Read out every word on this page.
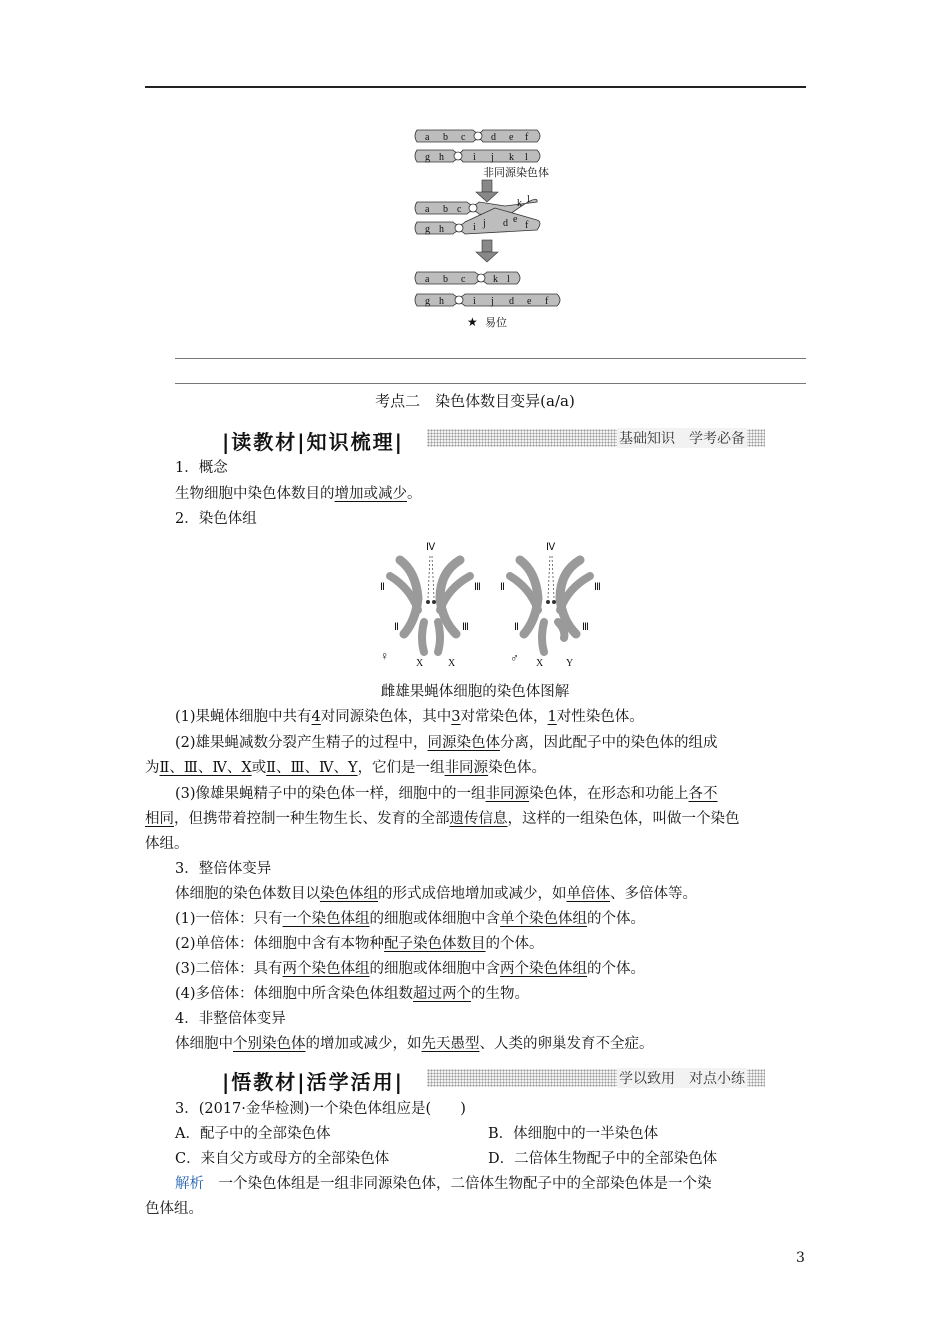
a b c	d e f
g h	i j k l
非同源染色体
a b c
k l
g h	i j d e
f
a b c	k l
g h	i j d e f
★ 易位
考点二　染色体数目变异(a/a)
|读教材|知识梳理|	基础知识　学考必备
1．概念
生物细胞中染色体数目的增加或减少。
2．染色体组
Ⅳ
Ⅱ	Ⅲ
Ⅱ	Ⅲ
♀
X X
Ⅳ
Ⅱ	Ⅲ
Ⅱ	Ⅲ
♂ X Y
雌雄果蝇体细胞的染色体图解
(1)果蝇体细胞中共有4对同源染色体，其中3对常染色体，1对性染色体。
(2)雄果蝇减数分裂产生精子的过程中，同源染色体分离，因此配子中的染色体的组成
为Ⅱ、Ⅲ、Ⅳ、X或Ⅱ、Ⅲ、Ⅳ、Y，它们是一组非同源染色体。
(3)像雄果蝇精子中的染色体一样，细胞中的一组非同源染色体，在形态和功能上各不
相同，但携带着控制一种生物生长、发育的全部遗传信息，这样的一组染色体，叫做一个染色
体组。
3．整倍体变异
体细胞的染色体数目以染色体组的形式成倍地增加或减少，如单倍体、多倍体等。
(1)一倍体：只有一个染色体组的细胞或体细胞中含单个染色体组的个体。
(2)单倍体：体细胞中含有本物种配子染色体数目的个体。
(3)二倍体：具有两个染色体组的细胞或体细胞中含两个染色体组的个体。
(4)多倍体：体细胞中所含染色体组数超过两个的生物。
4．非整倍体变异
体细胞中个别染色体的增加或减少，如先天愚型、人类的卵巢发育不全症。
|悟教材|活学活用|	学以致用　对点小练
3．(2017·金华检测)一个染色体组应是(　　)
A．配子中的全部染色体	B．体细胞中的一半染色体
C．来自父方或母方的全部染色体	D．二倍体生物配子中的全部染色体
解析　一个染色体组是一组非同源染色体，二倍体生物配子中的全部染色体是一个染
色体组。
3
